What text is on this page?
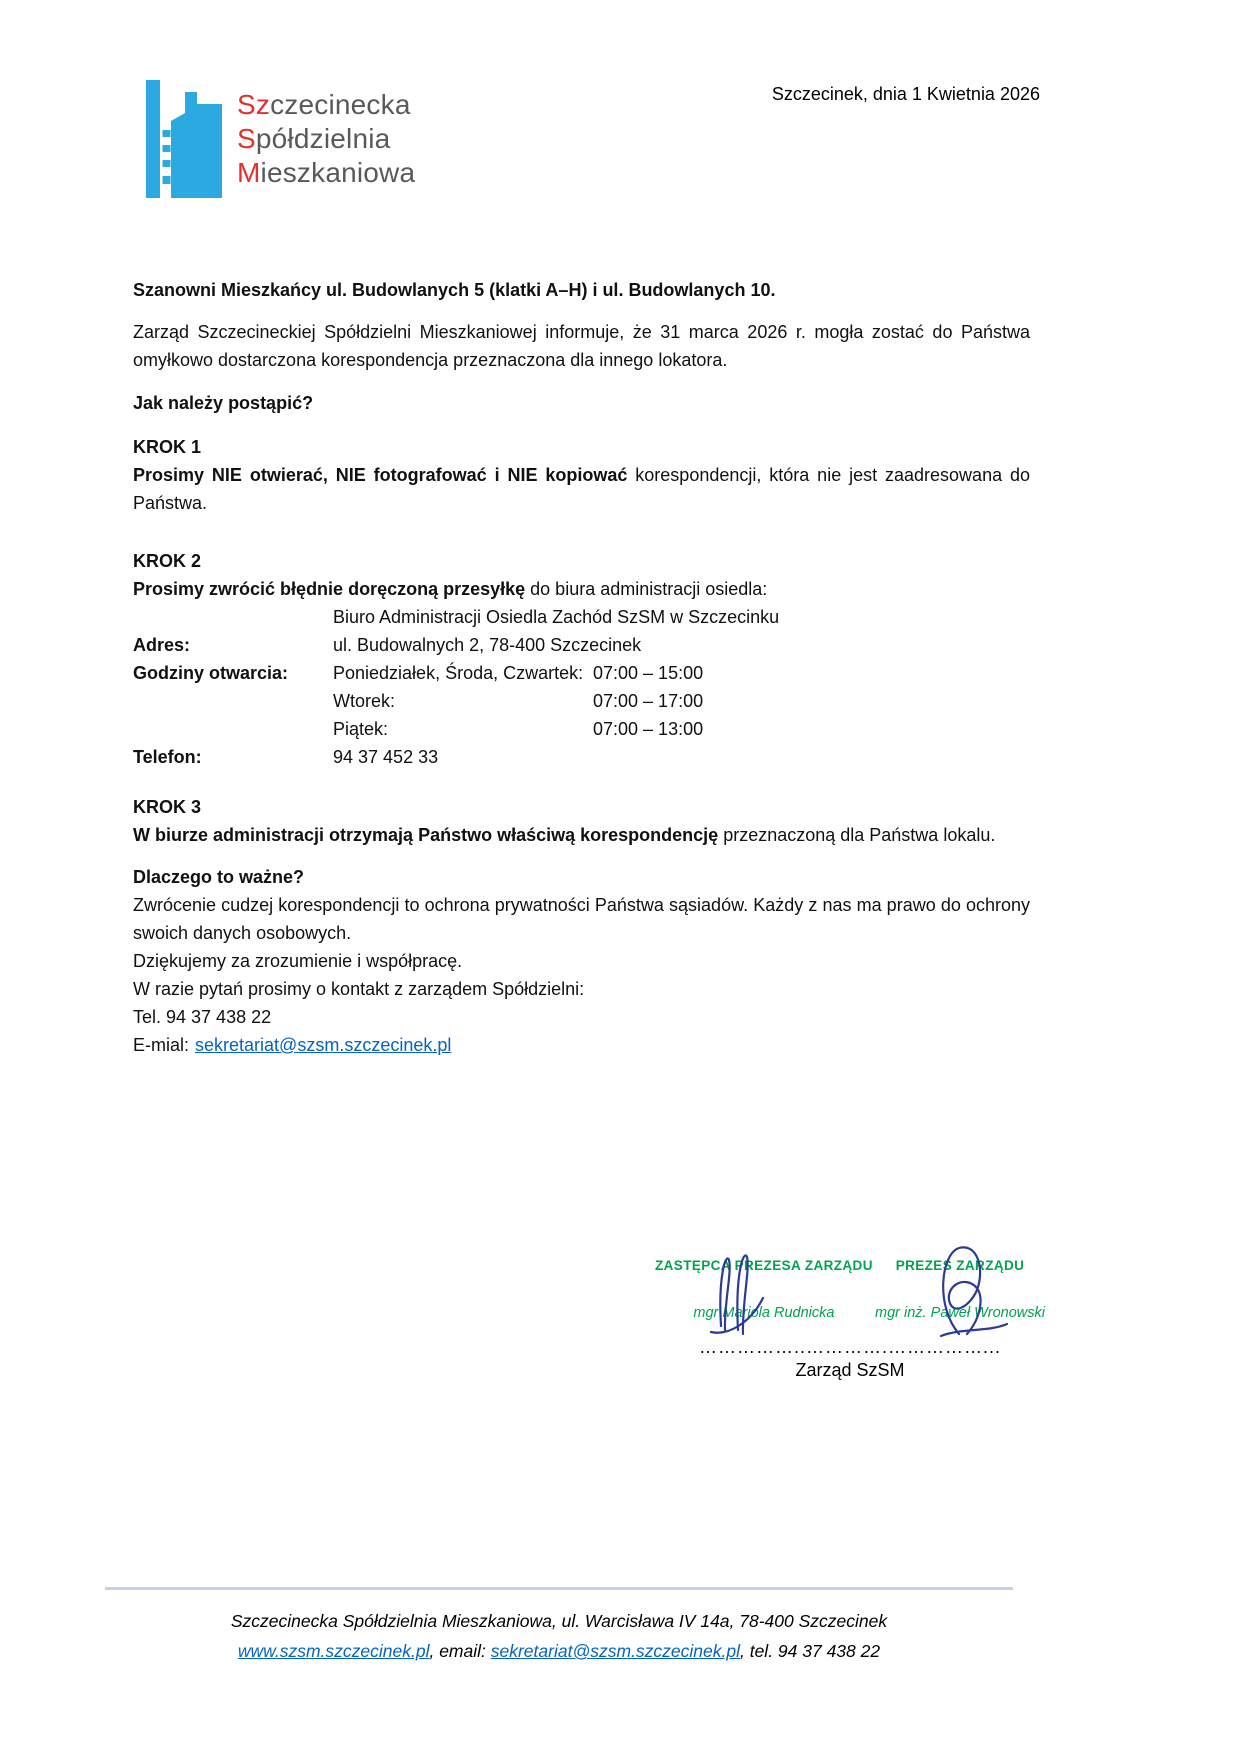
Szczecinecka
Spółdzielnia
Mieszkaniowa
Szczecinek, dnia 1 Kwietnia 2026

Szanowni Mieszkańcy ul. Budowlanych 5 (klatki A–H) i ul. Budowlanych 10.

Zarząd Szczecineckiej Spółdzielni Mieszkaniowej informuje, że 31 marca 2026 r. mogła zostać do Państwa omyłkowo dostarczona korespondencja przeznaczona dla innego lokatora.

Jak należy postąpić?

KROK 1

Prosimy NIE otwierać, NIE fotografować i NIE kopiować korespondencji, która nie jest zaadresowana do Państwa.

KROK 2

Prosimy zwrócić błędnie doręczoną przesyłkę do biura administracji osiedla:

Biuro Administracji Osiedla Zachód SzSM w Szczecinku
Adres:	ul. Budowalnych 2, 78-400 Szczecinek
Godziny otwarcia:	Poniedziałek, Środa, Czwartek: 07:00 – 15:00
Wtorek:	07:00 – 17:00
Piątek:	07:00 – 13:00
Telefon:	94 37 452 33
KROK 3

W biurze administracji otrzymają Państwo właściwą korespondencję przeznaczoną dla Państwa lokalu.

Dlaczego to ważne?

Zwrócenie cudzej korespondencji to ochrona prywatności Państwa sąsiadów. Każdy z nas ma prawo do ochrony swoich danych osobowych.

Dziękujemy za zrozumienie i współpracę.

W razie pytań prosimy o kontakt z zarządem Spółdzielni:

Tel. 94 37 438 22

E-mial: sekretariat@szsm.szczecinek.pl

ZASTĘPCA PREZESA ZARZĄDU
mgr Mariola Rudnicka
PREZES ZARZĄDU
mgr inż. Paweł Wronowski
……………..………….……………...
Zarząd SzSM
Szczecinecka Spółdzielnia Mieszkaniowa, ul. Warcisława IV 14a, 78-400 Szczecinek
www.szsm.szczecinek.pl, email: sekretariat@szsm.szczecinek.pl, tel. 94 37 438 22
